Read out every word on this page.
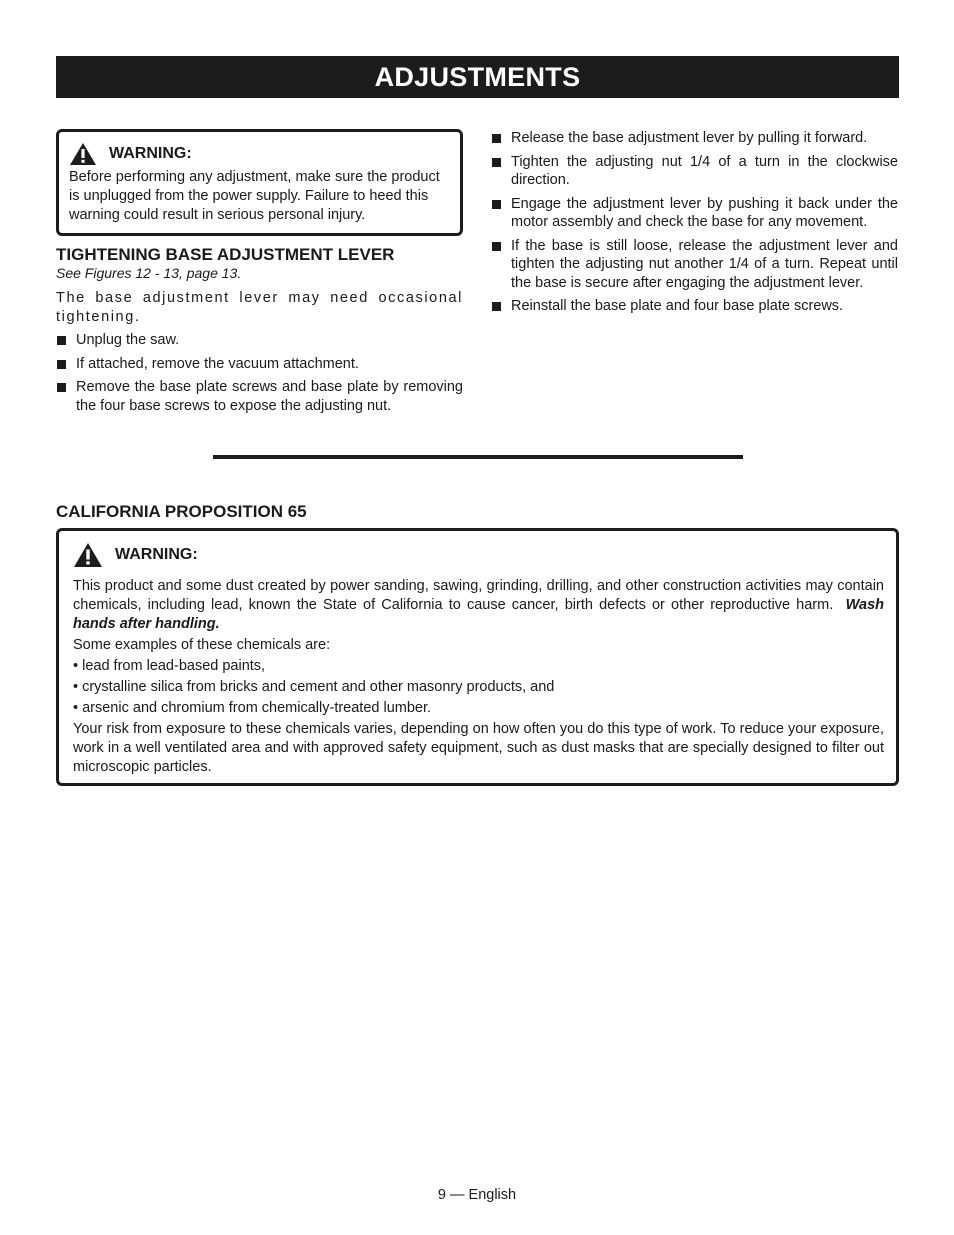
ADJUSTMENTS
WARNING:
Before performing any adjustment, make sure the product is unplugged from the power supply. Failure to heed this warning could result in serious personal injury.
TIGHTENING BASE ADJUSTMENT LEVER
See Figures 12 - 13, page 13.
The base adjustment lever may need occasional tightening.
Unplug the saw.
If attached, remove the vacuum attachment.
Remove the base plate screws and base plate by removing the four base screws to expose the adjusting nut.
Release the base adjustment lever by pulling it forward.
Tighten the adjusting nut 1/4 of a turn in the clockwise direction.
Engage the adjustment lever by pushing it back under the motor assembly and check the base for any movement.
If the base is still loose, release the adjustment lever and tighten the adjusting nut another 1/4 of a turn. Repeat until the base is secure after engaging the adjustment lever.
Reinstall the base plate and four base plate screws.
CALIFORNIA PROPOSITION 65
WARNING:

This product and some dust created by power sanding, sawing, grinding, drilling, and other construction activities may contain chemicals, including lead, known the State of California to cause cancer, birth defects or other reproductive harm. Wash hands after handling.

Some examples of these chemicals are:

• lead from lead-based paints,

• crystalline silica from bricks and cement and other masonry products, and

• arsenic and chromium from chemically-treated lumber.

Your risk from exposure to these chemicals varies, depending on how often you do this type of work. To reduce your exposure, work in a well ventilated area and with approved safety equipment, such as dust masks that are specially designed to filter out microscopic particles.

9 — English
